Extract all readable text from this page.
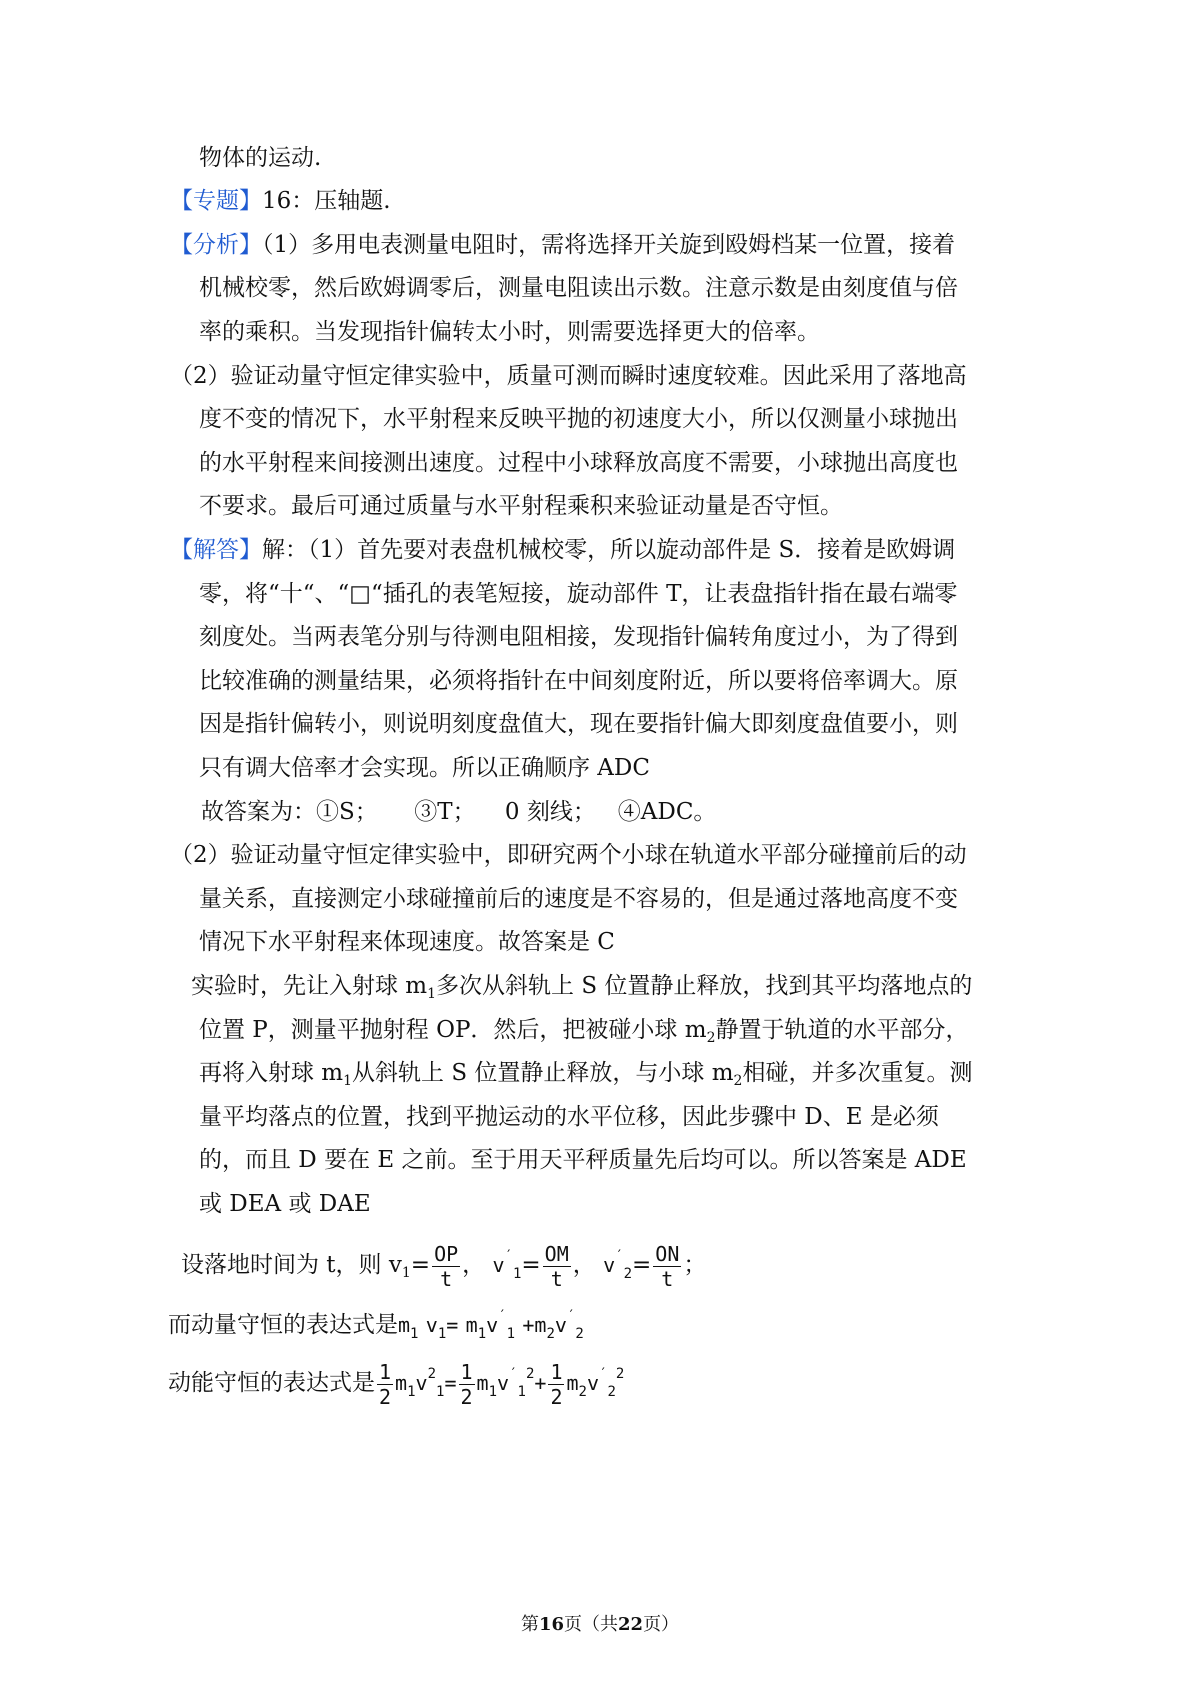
物体的运动.
【专题】16：压轴题.
【分析】（1）多用电表测量电阻时，需将选择开关旋到殴姆档某一位置，接着
机械校零，然后欧姆调零后，测量电阻读出示数。注意示数是由刻度值与倍
率的乘积。当发现指针偏转太小时，则需要选择更大的倍率。
（2）验证动量守恒定律实验中，质量可测而瞬时速度较难。因此采用了落地高
度不变的情况下，水平射程来反映平抛的初速度大小，所以仅测量小球抛出
的水平射程来间接测出速度。过程中小球释放高度不需要，小球抛出高度也
不要求。最后可通过质量与水平射程乘积来验证动量是否守恒。
【解答】解：（1）首先要对表盘机械校零，所以旋动部件是 S．接着是欧姆调
零，将“十“、“□“插孔的表笔短接，旋动部件 T，让表盘指针指在最右端零
刻度处。当两表笔分别与待测电阻相接，发现指针偏转角度过小，为了得到
比较准确的测量结果，必须将指针在中间刻度附近，所以要将倍率调大。原
因是指针偏转小，则说明刻度盘值大，现在要指针偏大即刻度盘值要小，则
只有调大倍率才会实现。所以正确顺序 ADC
故答案为：①S；     ③T；    0 刻线；   ④ADC。
（2）验证动量守恒定律实验中，即研究两个小球在轨道水平部分碰撞前后的动
量关系，直接测定小球碰撞前后的速度是不容易的，但是通过落地高度不变
情况下水平射程来体现速度。故答案是 C
实验时，先让入射球 $m_1$多次从斜轨上 S 位置静止释放，找到其平均落地点的
位置 P，测量平抛射程 OP．然后，把被碰小球 $m_2$静置于轨道的水平部分，
再将入射球 $m_1$从斜轨上 S 位置静止释放，与小球 $m_2$相碰，并多次重复。测
量平均落点的位置，找到平抛运动的水平位移，因此步骤中 D、E 是必须
的，而且 D 要在 E 之前。至于用天平秤质量先后均可以。所以答案是 ADE
或 DEA 或 DAE
设落地时间为 t，则 $v_1= \frac{OP}{t}$ ， $v'_1= \frac{OM}{t}$ ， $v'_2= \frac{ON}{t}$ ；
而动量守恒的表达式是$m_1$ $v_1= m_1v'_1 +m_2v'_2$
动能守恒的表达式是 $\frac{1}{2} m_1v^2_1= \frac{1}{2} m_1v'_1^2+ \frac{1}{2} m_2v'_2^2$
第16页（共22页）
